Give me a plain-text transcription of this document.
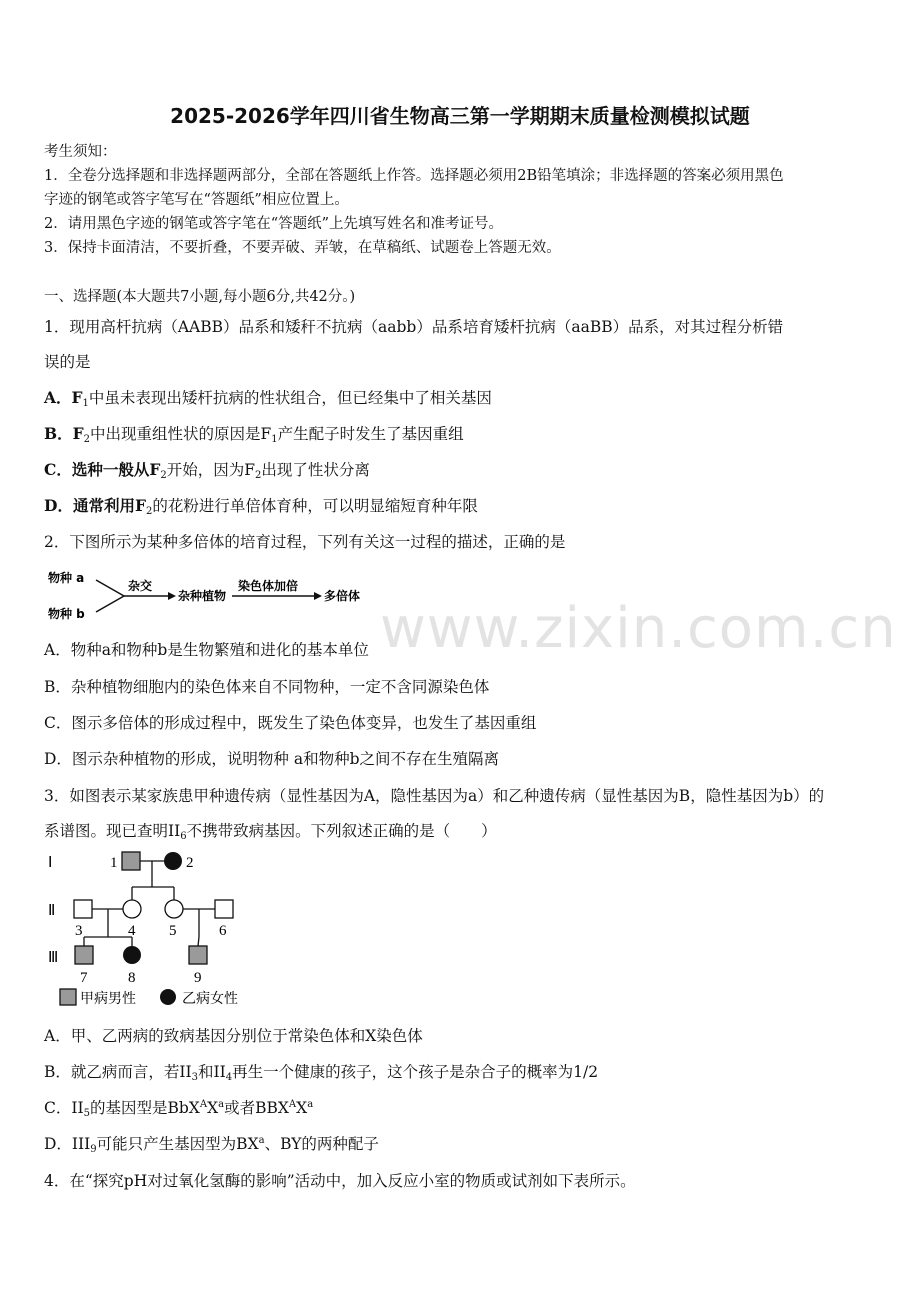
www.zixin.com.cn
2025-2026学年四川省生物高三第一学期期末质量检测模拟试题
考生须知：
1．全卷分选择题和非选择题两部分，全部在答题纸上作答。选择题必须用2B铅笔填涂；非选择题的答案必须用黑色
字迹的钢笔或答字笔写在“答题纸”相应位置上。
2．请用黑色字迹的钢笔或答字笔在“答题纸”上先填写姓名和准考证号。
3．保持卡面清洁，不要折叠，不要弄破、弄皱，在草稿纸、试题卷上答题无效。
一、选择题(本大题共7小题,每小题6分,共42分。)
1．现用高杆抗病（AABB）品系和矮秆不抗病（aabb）品系培育矮杆抗病（aaBB）品系，对其过程分析错
误的是
A．$F_1$中虽未表现出矮杆抗病的性状组合，但已经集中了相关基因
B．$F_2$中出现重组性状的原因是$F_1$产生配子时发生了基因重组
C．选种一般从$F_2$开始，因为$F_2$出现了性状分离
D．通常利用$F_2$的花粉进行单倍体育种，可以明显缩短育种年限
2．下图所示为某种多倍体的培育过程，下列有关这一过程的描述，正确的是
物种 a
物种 b
杂交
杂种植物
染色体加倍
多倍体
A．物种a和物种b是生物繁殖和进化的基本单位
B．杂种植物细胞内的染色体来自不同物种，一定不含同源染色体
C．图示多倍体的形成过程中，既发生了染色体变异，也发生了基因重组
D．图示杂种植物的形成，说明物种 a和物种b之间不存在生殖隔离
3．如图表示某家族患甲种遗传病（显性基因为A，隐性基因为a）和乙种遗传病（显性基因为B，隐性基因为b）的
系谱图。现已查明$II_6$不携带致病基因。下列叙述正确的是（　　）
Ⅰ
Ⅱ
Ⅲ
1	2
3	4 5	6
7	8	9
甲病男性	乙病女性
A．甲、乙两病的致病基因分别位于常染色体和X染色体
B．就乙病而言，若$II_3$和$II_4$再生一个健康的孩子，这个孩子是杂合子的概率为1/2
C．$II_5$的基因型是$BbX^AX^a$或者$BBX^AX^a$
D．$III_9$可能只产生基因型为$BX^a$、BY的两种配子
4．在“探究pH对过氧化氢酶的影响”活动中，加入反应小室的物质或试剂如下表所示。
